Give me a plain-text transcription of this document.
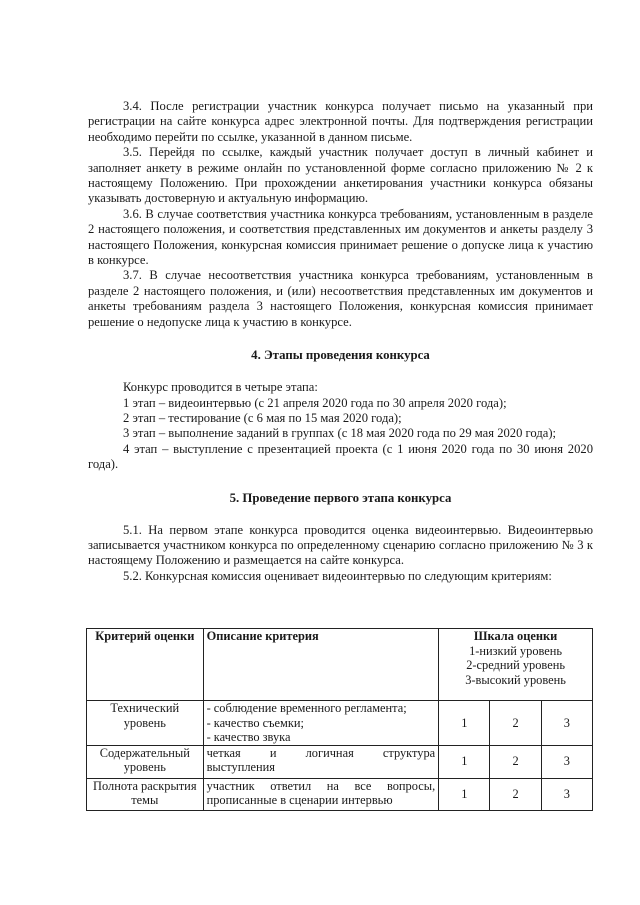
3.4. После регистрации участник конкурса получает письмо на указанный при регистрации на сайте конкурса адрес электронной почты. Для подтверждения регистрации необходимо перейти по ссылке, указанной в данном письме.

3.5. Перейдя по ссылке, каждый участник получает доступ в личный кабинет и заполняет анкету в режиме онлайн по установленной форме согласно приложению № 2 к настоящему Положению. При прохождении анкетирования участники конкурса обязаны указывать достоверную и актуальную информацию.

3.6. В случае соответствия участника конкурса требованиям, установленным в разделе 2 настоящего положения, и соответствия представленных им документов и анкеты разделу 3 настоящего Положения, конкурсная комиссия принимает решение о допуске лица к участию в конкурсе.

3.7. В случае несоответствия участника конкурса требованиям, установленным в разделе 2 настоящего положения, и (или) несоответствия представленных им документов и анкеты требованиям раздела 3 настоящего Положения, конкурсная комиссия принимает решение о недопуске лица к участию в конкурсе.

4. Этапы проведения конкурса

Конкурс проводится в четыре этапа:

1 этап – видеоинтервью (с 21 апреля 2020 года по 30 апреля 2020 года);

2 этап – тестирование (с 6 мая по 15 мая 2020 года);

3 этап – выполнение заданий в группах (с 18 мая 2020 года по 29 мая 2020 года);

4 этап – выступление с презентацией проекта (с 1 июня 2020 года по 30 июня 2020 года).

5. Проведение первого этапа конкурса

5.1. На первом этапе конкурса проводится оценка видеоинтервью. Видеоинтервью записывается участником конкурса по определенному сценарию согласно приложению № 3 к настоящему Положению и размещается на сайте конкурса.

5.2. Конкурсная комиссия оценивает видеоинтервью по следующим критериям:

Критерий оценки	Описание критерия	Шкала оценки
1-низкий уровень
2-средний уровень
3-высокий уровень		

Технический уровень	- соблюдение временного регламента;
- качество съемки;
- качество звука	1	2	3
Содержательный уровень	четкая и логичная структура
выступления	1	2	3
Полнота раскрытия темы	участник ответил на все вопросы,
прописанные в сценарии интервью	1	2	3
